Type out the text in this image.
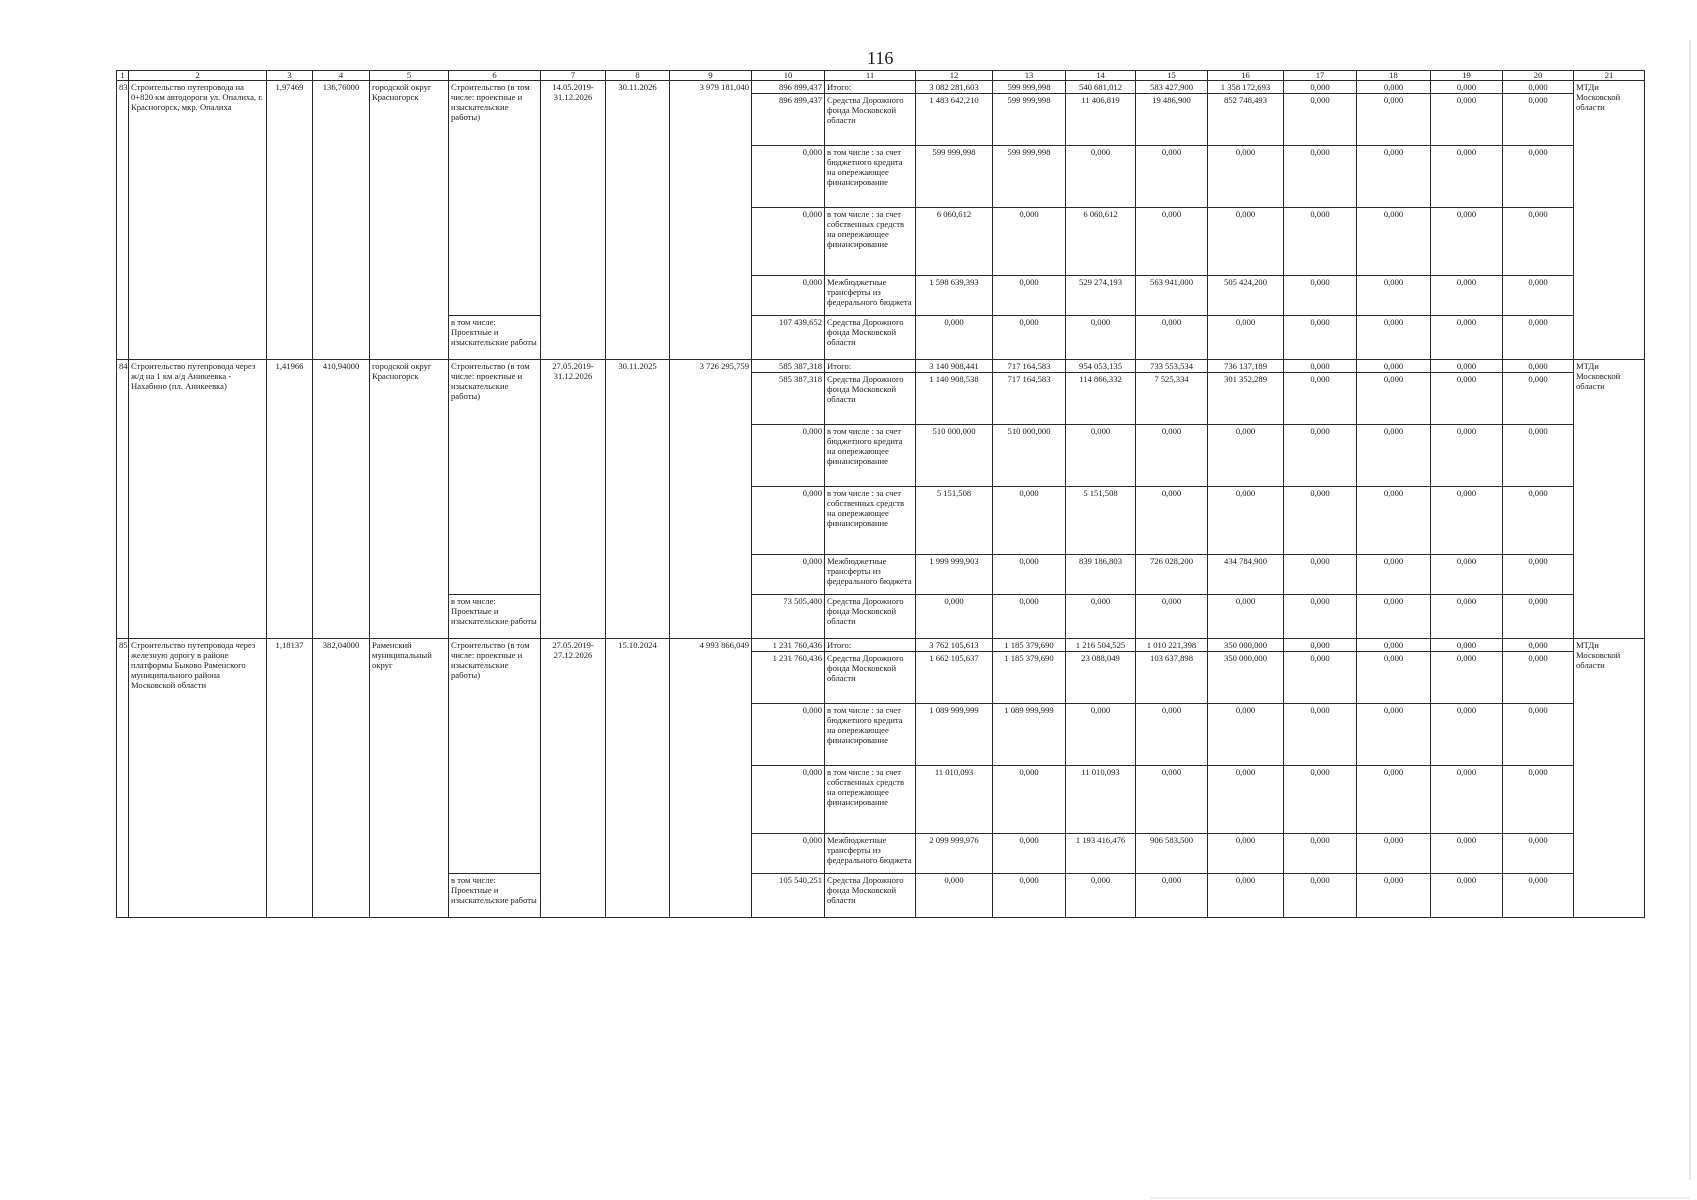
116
1	2	3	4	5	6	7	8	9	10	11	12	13	14	15	16	17	18	19	20	21
83	Строительство путепровода на 0+820 км автодороги ул. Опалиха, г. Красногорск, мкр. Опалиха	1,97469	136,76000	городской округ Красногорск	Строительство (в том числе: проектные и изыскательские работы)	14.05.2019-31.12.2026	30.11.2026	3 979 181,040	896 899,437	Итого:	3 082 281,603	599 999,998	540 681,012	583 427,900	1 358 172,693	0,000	0,000	0,000	0,000	МТДи Московской области
									896 899,437	Средства Дорожного фонда Московской области	1 483 642,210	599 999,998	11 406,819	19 486,900	852 748,493	0,000	0,000	0,000	0,000	
									0,000	в том числе : за счет бюджетного кредита на опережающее финансирование	599 999,998	599 999,998	0,000	0,000	0,000	0,000	0,000	0,000	0,000	
									0,000	в том числе : за счет собственных средств на опережающее финансирование	6 060,612	0,000	6 060,612	0,000	0,000	0,000	0,000	0,000	0,000	
									0,000	Межбюджетные трансферты из федерального бюджета	1 598 639,393	0,000	529 274,193	563 941,000	505 424,200	0,000	0,000	0,000	0,000	
					в том числе: Проектные и изыскательские работы				107 439,652	Средства Дорожного фонда Московской области	0,000	0,000	0,000	0,000	0,000	0,000	0,000	0,000	0,000	
84	Строительство путепровода через ж/д на 1 км а/д Аникеевка - Нахабино (пл. Аникеевка)	1,41966	410,94000	городской округ Красногорск	Строительство (в том числе: проектные и изыскательские работы)	27.05.2019-31.12.2026	30.11.2025	3 726 295,759	585 387,318	Итого:	3 140 908,441	717 164,583	954 053,135	733 553,534	736 137,189	0,000	0,000	0,000	0,000	МТДи Московской области
									585 387,318	Средства Дорожного фонда Московской области	1 140 908,538	717 164,583	114 866,332	7 525,334	301 352,289	0,000	0,000	0,000	0,000	
									0,000	в том числе : за счет бюджетного кредита на опережающее финансирование	510 000,000	510 000,000	0,000	0,000	0,000	0,000	0,000	0,000	0,000	
									0,000	в том числе : за счет собственных средств на опережающее финансирование	5 151,508	0,000	5 151,508	0,000	0,000	0,000	0,000	0,000	0,000	
									0,000	Межбюджетные трансферты из федерального бюджета	1 999 999,903	0,000	839 186,803	726 028,200	434 784,900	0,000	0,000	0,000	0,000	
					в том числе: Проектные и изыскательские работы				73 505,400	Средства Дорожного фонда Московской области	0,000	0,000	0,000	0,000	0,000	0,000	0,000	0,000	0,000	
85	Строительство путепровода через железную дорогу в районе платформы Быково Раменского муниципального района Московской области	1,18137	382,04000	Раменский муниципальный округ	Строительство (в том числе: проектные и изыскательские работы)	27.05.2019-27.12.2026	15.10.2024	4 993 866,049	1 231 760,436	Итого:	3 762 105,613	1 185 379,690	1 216 504,525	1 010 221,398	350 000,000	0,000	0,000	0,000	0,000	МТДи Московской области
									1 231 760,436	Средства Дорожного фонда Московской области	1 662 105,637	1 185 379,690	23 088,049	103 637,898	350 000,000	0,000	0,000	0,000	0,000	
									0,000	в том числе : за счет бюджетного кредита на опережающее финансирование	1 089 999,999	1 089 999,999	0,000	0,000	0,000	0,000	0,000	0,000	0,000	
									0,000	в том числе : за счет собственных средств на опережающее финансирование	11 010,093	0,000	11 010,093	0,000	0,000	0,000	0,000	0,000	0,000	
									0,000	Межбюджетные трансферты из федерального бюджета	2 099 999,976	0,000	1 193 416,476	906 583,500	0,000	0,000	0,000	0,000	0,000	
					в том числе: Проектные и изыскательские работы				105 540,251	Средства Дорожного фонда Московской области	0,000	0,000	0,000	0,000	0,000	0,000	0,000	0,000	0,000	
